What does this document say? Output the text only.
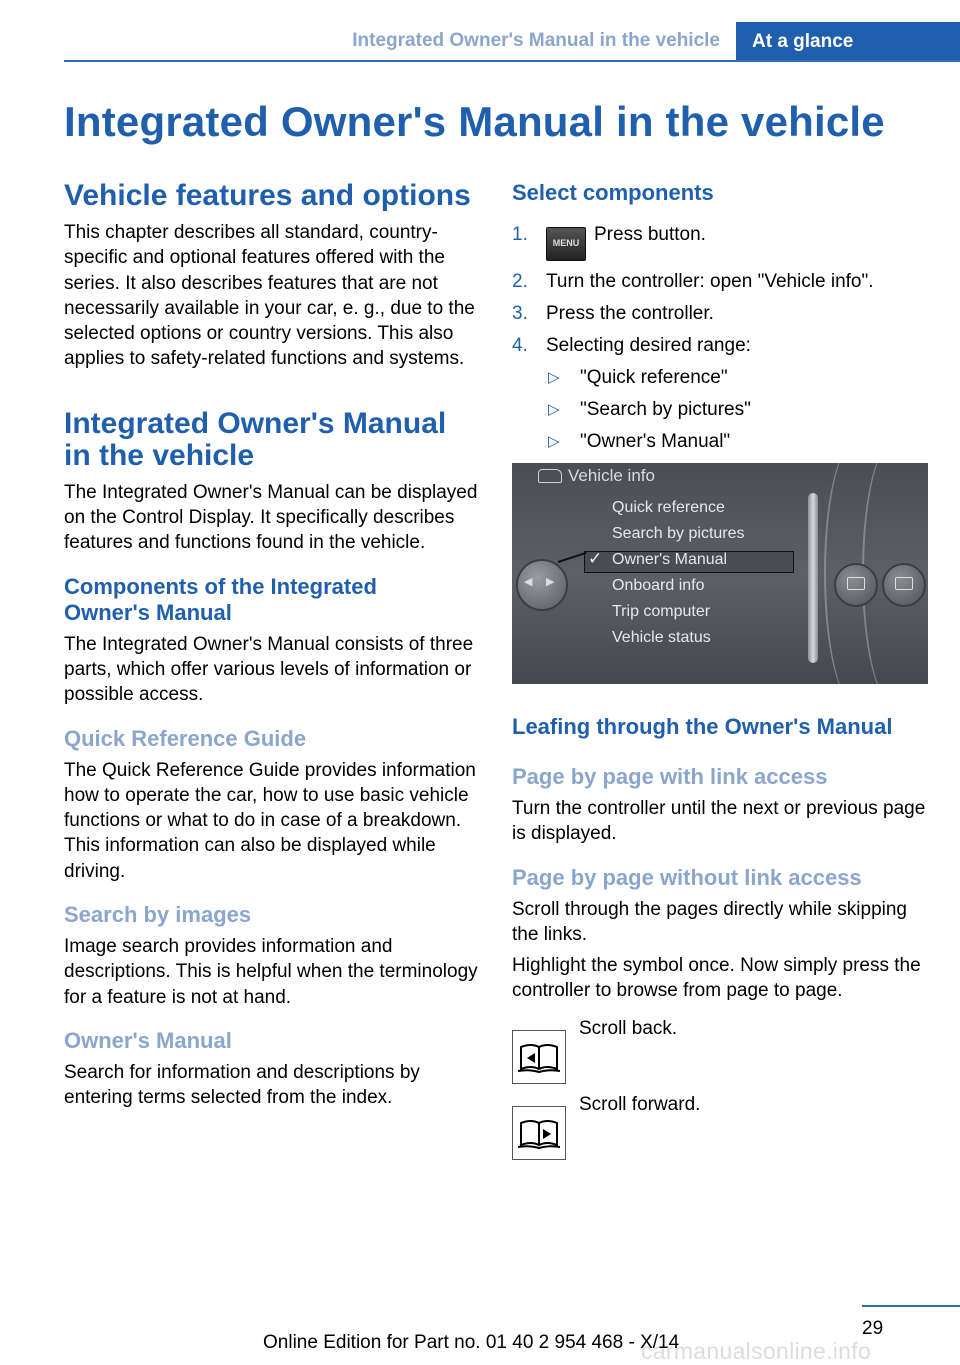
Integrated Owner's Manual in the vehicle	At a glance
Integrated Owner's Manual in the vehicle
Vehicle features and options

This chapter describes all standard, country-specific and optional features offered with the series. It also describes features that are not necessarily available in your car, e. g., due to the selected options or country versions. This also applies to safety-related functions and systems.

Integrated Owner's Manual
in the vehicle

The Integrated Owner's Manual can be displayed on the Control Display. It specifically describes features and functions found in the vehicle.

Components of the Integrated
Owner's Manual

The Integrated Owner's Manual consists of three parts, which offer various levels of information or possible access.

Quick Reference Guide

The Quick Reference Guide provides information how to operate the car, how to use basic vehicle functions or what to do in case of a breakdown. This information can also be displayed while driving.

Search by images

Image search provides information and descriptions. This is helpful when the terminology for a feature is not at hand.

Owner's Manual

Search for information and descriptions by entering terms selected from the index.

Select components
1.	MENU Press button.
2. Turn the controller: open "Vehicle info".
3. Press the controller.
4. Selecting desired range:
▷ "Quick reference"
▷ "Search by pictures"
▷ "Owner's Manual"
Vehicle info
Quick reference
Search by pictures
✓ Owner's Manual
Onboard info
Trip computer
Vehicle status
◀ ▶
Leafing through the Owner's Manual
Page by page with link access

Turn the controller until the next or previous page is displayed.

Page by page without link access

Scroll through the pages directly while skipping the links.

Highlight the symbol once. Now simply press the controller to browse from page to page.

Scroll back.
Scroll forward.
29
carmanualsonline.info
Online Edition for Part no. 01 40 2 954 468 - X/14
